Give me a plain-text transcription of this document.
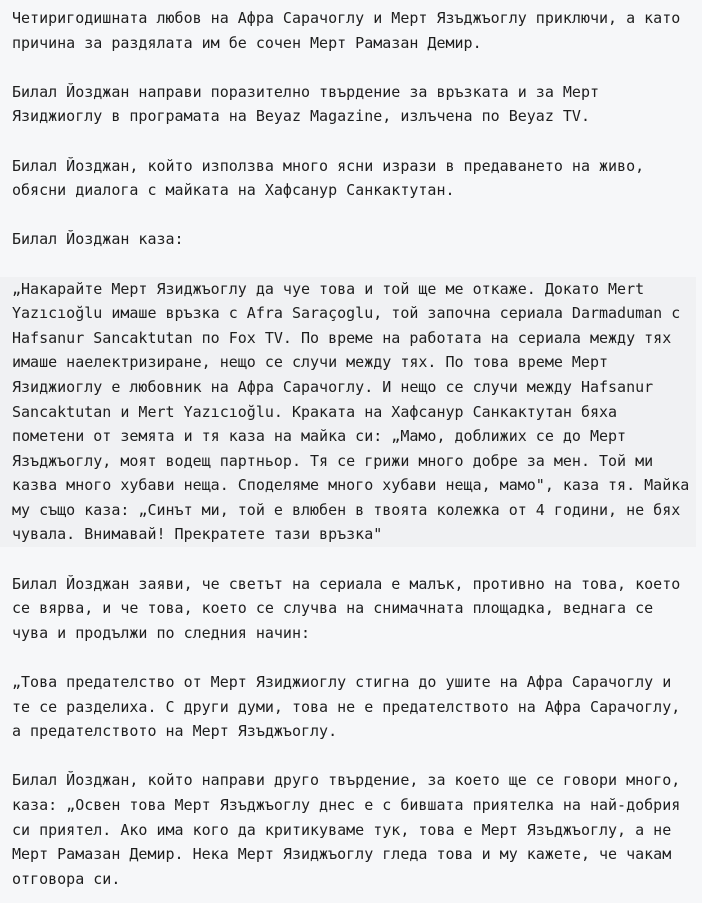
Четиригодишната любов на Афра Сарачоглу и Мерт Язъджъоглу приключи, а като
причина за раздялата им бе сочен Мерт Рамазан Демир.
Билал Йозджан направи поразително твърдение за връзката и за Мерт
Язиджиоглу в програмата на Beyaz Magazine, излъчена по Beyaz TV.
Билал Йозджан, който използва много ясни изрази в предаването на живо,
обясни диалога с майката на Хафсанур Санкактутан.
Билал Йозджан каза:
„Накарайте Мерт Язиджъоглу да чуе това и той ще ме откаже. Докато Mert
Yazıcıoğlu имаше връзка с Afra Saraçoglu, той започна сериала Darmaduman с
Hafsanur Sancaktutan по Fox TV. По време на работата на сериала между тях
имаше наелектризиране, нещо се случи между тях. По това време Мерт
Язиджиоглу е любовник на Афра Сарачоглу. И нещо се случи между Hafsanur
Sancaktutan и Mert Yazıcıoğlu. Краката на Хафсанур Санкактутан бяха
пометени от земята и тя каза на майка си: „Мамо, доближих се до Мерт
Язъджъоглу, моят водещ партньор. Тя се грижи много добре за мен. Той ми
казва много хубави неща. Споделяме много хубави неща, мамо", каза тя. Майка
му също каза: „Синът ми, той е влюбен в твоята колежка от 4 години, не бях
чувала. Внимавай! Прекратете тази връзка"
Билал Йозджан заяви, че светът на сериала е малък, противно на това, което
се вярва, и че това, което се случва на снимачната площадка, веднага се
чува и продължи по следния начин:
„Това предателство от Мерт Язиджиоглу стигна до ушите на Афра Сарачоглу и
те се разделиха. С други думи, това не е предателството на Афра Сарачоглу,
а предателството на Мерт Язъджъоглу.
Билал Йозджан, който направи друго твърдение, за което ще се говори много,
каза: „Освен това Мерт Язъджъоглу днес е с бившата приятелка на най-добрия
си приятел. Ако има кого да критикуваме тук, това е Мерт Язъджъоглу, а не
Мерт Рамазан Демир. Нека Мерт Язиджъоглу гледа това и му кажете, че чакам
отговора си.
